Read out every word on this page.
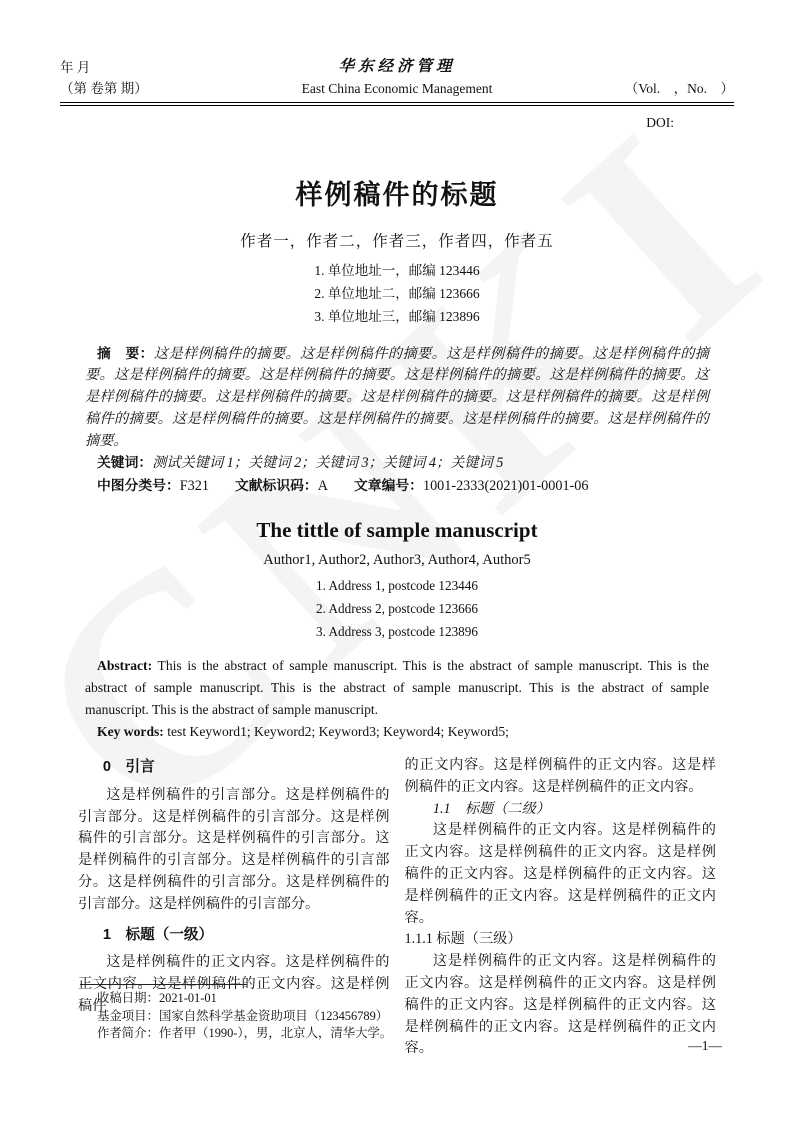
年 月	华东经济管理
（第 卷第 期）	East China Economic Management	（Vol.　，No.　）
DOI:
样例稿件的标题
作者一，作者二，作者三，作者四，作者五
1. 单位地址一，邮编 123446
2. 单位地址二，邮编 123666
3. 单位地址三，邮编 123896

摘　要：这是样例稿件的摘要。这是样例稿件的摘要。这是样例稿件的摘要。这是样例稿件的摘要。这是样例稿件的摘要。这是样例稿件的摘要。这是样例稿件的摘要。这是样例稿件的摘要。这是样例稿件的摘要。这是样例稿件的摘要。这是样例稿件的摘要。这是样例稿件的摘要。这是样例稿件的摘要。这是样例稿件的摘要。这是样例稿件的摘要。这是样例稿件的摘要。这是样例稿件的摘要。

关键词：测试关键词 1；关键词 2；关键词 3；关键词 4；关键词 5

中图分类号：F321 文献标识码：A 文章编号：1001-2333(2021)01-0001-06

The tittle of sample manuscript
Author1, Author2, Author3, Author4, Author5
1. Address 1, postcode 123446
2. Address 2, postcode 123666
3. Address 3, postcode 123896

Abstract: This is the abstract of sample manuscript. This is the abstract of sample manuscript. This is the abstract of sample manuscript. This is the abstract of sample manuscript. This is the abstract of sample manuscript. This is the abstract of sample manuscript.

Key words: test Keyword1; Keyword2; Keyword3; Keyword4; Keyword5;

0　引言

这是样例稿件的引言部分。这是样例稿件的引言部分。这是样例稿件的引言部分。这是样例稿件的引言部分。这是样例稿件的引言部分。这是样例稿件的引言部分。这是样例稿件的引言部分。这是样例稿件的引言部分。这是样例稿件的引言部分。这是样例稿件的引言部分。

1　标题（一级）

这是样例稿件的正文内容。这是样例稿件的正文内容。这是样例稿件的正文内容。这是样例稿件

的正文内容。这是样例稿件的正文内容。这是样例稿件的正文内容。这是样例稿件的正文内容。

1.1　标题（二级）

这是样例稿件的正文内容。这是样例稿件的正文内容。这是样例稿件的正文内容。这是样例稿件的正文内容。这是样例稿件的正文内容。这是样例稿件的正文内容。这是样例稿件的正文内容。

1.1.1 标题（三级）

这是样例稿件的正文内容。这是样例稿件的正文内容。这是样例稿件的正文内容。这是样例稿件的正文内容。这是样例稿件的正文内容。这是样例稿件的正文内容。这是样例稿件的正文内容。

收稿日期：2021-01-01
基金项目：国家自然科学基金资助项目（123456789）
作者简介：作者甲（1990-），男，北京人，清华大学。
—1—
